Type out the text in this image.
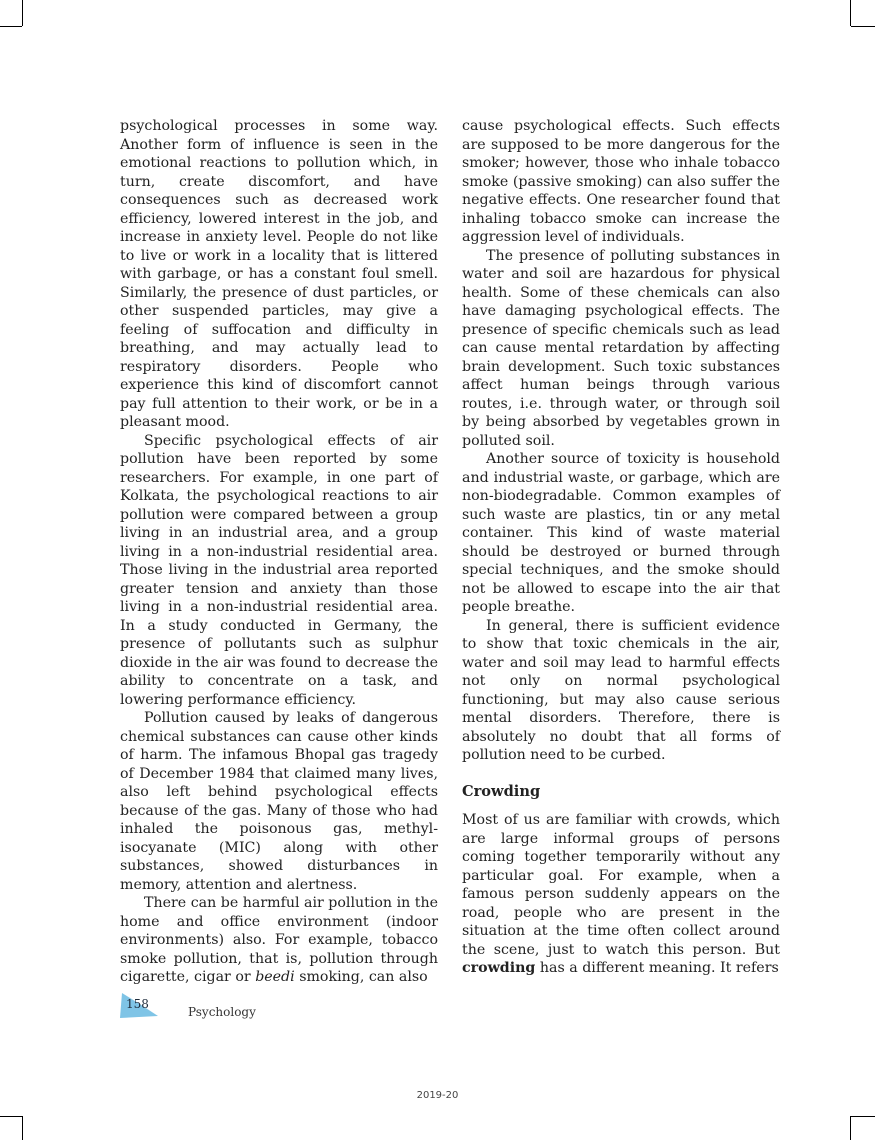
psychological processes in some way. Another form of influence is seen in the emotional reactions to pollution which, in turn, create discomfort, and have consequences such as decreased work efficiency, lowered interest in the job, and increase in anxiety level. People do not like to live or work in a locality that is littered with garbage, or has a constant foul smell. Similarly, the presence of dust particles, or other suspended particles, may give a feeling of suffocation and difficulty in breathing, and may actually lead to respiratory disorders. People who experience this kind of discomfort cannot pay full attention to their work, or be in a pleasant mood.

Specific psychological effects of air pollution have been reported by some researchers. For example, in one part of Kolkata, the psychological reactions to air pollution were compared between a group living in an industrial area, and a group living in a non-industrial residential area. Those living in the industrial area reported greater tension and anxiety than those living in a non-industrial residential area. In a study conducted in Germany, the presence of pollutants such as sulphur dioxide in the air was found to decrease the ability to concentrate on a task, and lowering performance efficiency.

Pollution caused by leaks of dangerous chemical substances can cause other kinds of harm. The infamous Bhopal gas tragedy of December 1984 that claimed many lives, also left behind psychological effects because of the gas. Many of those who had inhaled the poisonous gas, methyl-isocyanate (MIC) along with other substances, showed disturbances in memory, attention and alertness.

There can be harmful air pollution in the home and office environment (indoor environments) also. For example, tobacco smoke pollution, that is, pollution through cigarette, cigar or beedi smoking, can also

cause psychological effects. Such effects are supposed to be more dangerous for the smoker; however, those who inhale tobacco smoke (passive smoking) can also suffer the negative effects. One researcher found that inhaling tobacco smoke can increase the aggression level of individuals.

The presence of polluting substances in water and soil are hazardous for physical health. Some of these chemicals can also have damaging psychological effects. The presence of specific chemicals such as lead can cause mental retardation by affecting brain development. Such toxic substances affect human beings through various routes, i.e. through water, or through soil by being absorbed by vegetables grown in polluted soil.

Another source of toxicity is household and industrial waste, or garbage, which are non-biodegradable. Common examples of such waste are plastics, tin or any metal container. This kind of waste material should be destroyed or burned through special techniques, and the smoke should not be allowed to escape into the air that people breathe.

In general, there is sufficient evidence to show that toxic chemicals in the air, water and soil may lead to harmful effects not only on normal psychological functioning, but may also cause serious mental disorders. Therefore, there is absolutely no doubt that all forms of pollution need to be curbed.

Crowding

Most of us are familiar with crowds, which are large informal groups of persons coming together temporarily without any particular goal. For example, when a famous person suddenly appears on the road, people who are present in the situation at the time often collect around the scene, just to watch this person. But crowding has a different meaning. It refers

158
Psychology
2019-20
